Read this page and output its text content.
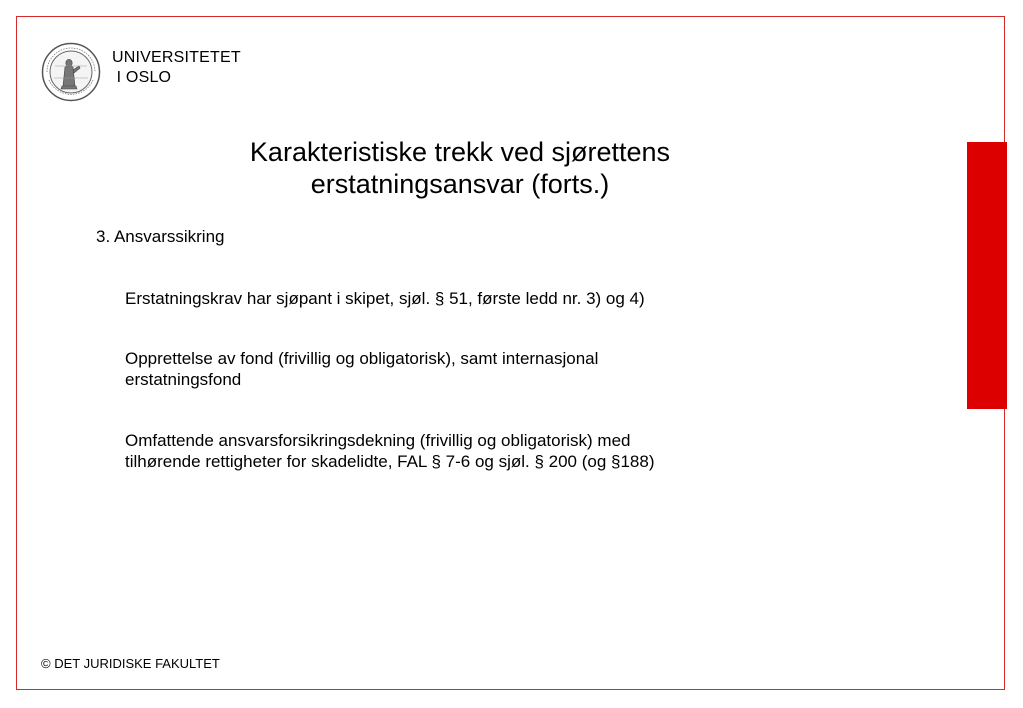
UNIVERSITETET
I OSLO
Karakteristiske trekk ved sjørettens
erstatningsansvar (forts.)
3. Ansvarssikring
Erstatningskrav har sjøpant i skipet, sjøl. § 51, første ledd nr. 3) og 4)
Opprettelse av fond (frivillig og obligatorisk), samt internasjonal
erstatningsfond
Omfattende ansvarsforsikringsdekning (frivillig og obligatorisk) med
tilhørende rettigheter for skadelidte, FAL § 7-6 og sjøl. § 200 (og §188)
© DET JURIDISKE FAKULTET
